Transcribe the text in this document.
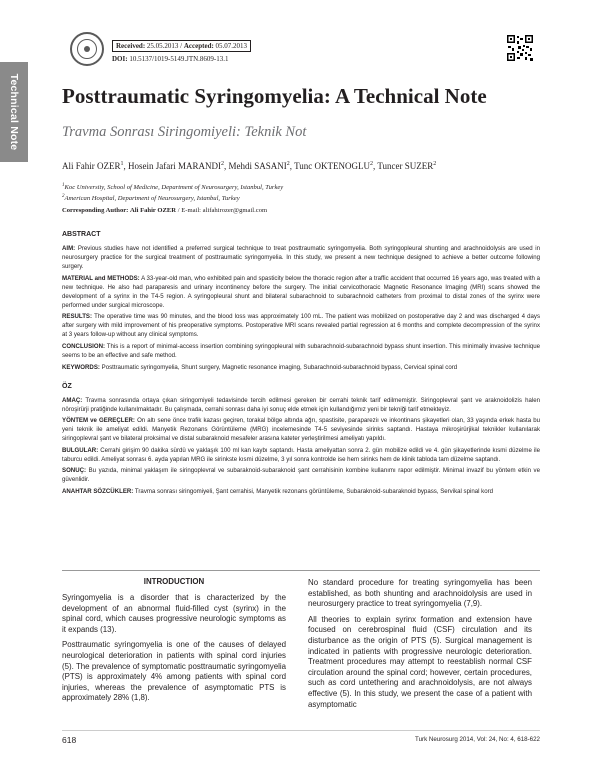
Technical Note
Received: 25.05.2013 / Accepted: 05.07.2013
DOI: 10.5137/1019-5149.JTN.8609-13.1
Posttraumatic Syringomyelia: A Technical Note
Travma Sonrası Siringomiyeli: Teknik Not
Ali Fahir OZER$^1$, Hosein Jafari MARANDI$^2$, Mehdi SASANI$^2$, Tunc OKTENOGLU$^2$, Tuncer SUZER$^2$
$^1$Koc University, School of Medicine, Department of Neurosurgery, Istanbul, Turkey
$^2$American Hospital, Department of Neurosurgery, Istanbul, Turkey
Corresponding Author: Ali Fahir OZER / E-mail: alifahirozer@gmail.com
ABSTRACT

AIM: Previous studies have not identified a preferred surgical technique to treat posttraumatic syringomyelia. Both syringopleural shunting and arachnoidolysis are used in neurosurgery practice for the surgical treatment of posttraumatic syringomyelia. In this study, we present a new technique designed to achieve a better outcome following surgery.

MATERIAL and METHODS: A 33-year-old man, who exhibited pain and spasticity below the thoracic region after a traffic accident that occurred 16 years ago, was treated with a new technique. He also had paraparesis and urinary incontinency before the surgery. The initial cervicothoracic Magnetic Resonance Imaging (MRI) scans showed the development of a syrinx in the T4-5 region. A syringopleural shunt and bilateral subarachnoid to subarachnoid catheters from proximal to distal zones of the syrinx were performed under surgical microscope.

RESULTS: The operative time was 90 minutes, and the blood loss was approximately 100 mL. The patient was mobilized on postoperative day 2 and was discharged 4 days after surgery with mild improvement of his preoperative symptoms. Postoperative MRI scans revealed partial regression at 6 months and complete decompression of the syrinx at 3 years follow-up without any clinical symptoms.

CONCLUSION: This is a report of minimal-access insertion combining syringopleural with subarachnoid-subarachnoid bypass shunt insertion. This minimally invasive technique seems to be an effective and safe method.

KEYWORDS: Posttraumatic syringomyelia, Shunt surgery, Magnetic resonance imaging, Subarachnoid-subarachnoid bypass, Cervical spinal cord

ÖZ

AMAÇ: Travma sonrasında ortaya çıkan siringomiyeli tedavisinde tercih edilmesi gereken bir cerrahi teknik tarif edilmemiştir. Siringoplevral şant ve araknoidolizis halen nöroşirürji pratiğinde kullanılmaktadır. Bu çalışmada, cerrahi sonrası daha iyi sonuç elde etmek için kullandığımız yeni bir tekniği tarif etmekteyiz.

YÖNTEM ve GEREÇLER: On altı sene önce trafik kazası geçiren, torakal bölge altında ağrı, spastisite, parapareziı ve inkontinans şikayetleri olan, 33 yaşında erkek hasta bu yeni teknik ile ameliyat edildi. Manyetik Rezonans Görüntüleme (MRG) incelemesinde T4-5 seviyesinde sirinks saptandı. Hastaya mikroşirürjikal teknikler kullanılarak siringoplevral şant ve bilateral proksimal ve distal subaraknoid mesafeler arasına kateter yerleştirilmesi ameliyatı yapıldı.

BULGULAR: Cerrahi girişim 90 dakika sürdü ve yaklaşık 100 ml kan kaybı saptandı. Hasta ameliyattan sonra 2. gün mobilize edildi ve 4. gün şikayetlerinde kısmi düzelme ile taburcu edildi. Ameliyat sonrası 6. ayda yapılan MRG ile sirinkste kısmi düzelme, 3 yıl sonra kontrolde ise hem sirinks hem de klinik tabloda tam düzelme saptandı.

SONUÇ: Bu yazıda, minimal yaklaşım ile siringoplevral ve subaraknoid-subaraknoid şant cerrahisinin kombine kullanımı rapor edilmiştir. Minimal invazif bu yöntem etkin ve güvenlidir.

ANAHTAR SÖZCÜKLER: Travma sonrası siringomiyeli, Şant cerrahisi, Manyetik rezonans görüntüleme, Subaraknoid-subaraknoid bypass, Servikal spinal kord

INTRODUCTION

Syringomyelia is a disorder that is characterized by the development of an abnormal fluid-filled cyst (syrinx) in the spinal cord, which causes progressive neurologic symptoms as it expands (13).

Posttraumatic syringomyelia is one of the causes of delayed neurological deterioration in patients with spinal cord injuries (5). The prevalence of symptomatic posttraumatic syringomyelia (PTS) is approximately 4% among patients with spinal cord injuries, whereas the prevalence of asymptomatic PTS is approximately 28% (1,8).

No standard procedure for treating syringomyelia has been established, as both shunting and arachnoidolysis are used in neurosurgery practice to treat syringomyelia (7,9).

All theories to explain syrinx formation and extension have focused on cerebrospinal fluid (CSF) circulation and its disturbance as the origin of PTS (5). Surgical management is indicated in patients with progressive neurologic deterioration. Treatment procedures may attempt to reestablish normal CSF circulation around the spinal cord; however, certain procedures, such as cord untethering and arachnoidolysis, are not always effective (5). In this study, we present the case of a patient with asymptomatic

618	Turk Neurosurg 2014, Vol: 24, No: 4, 618-622
